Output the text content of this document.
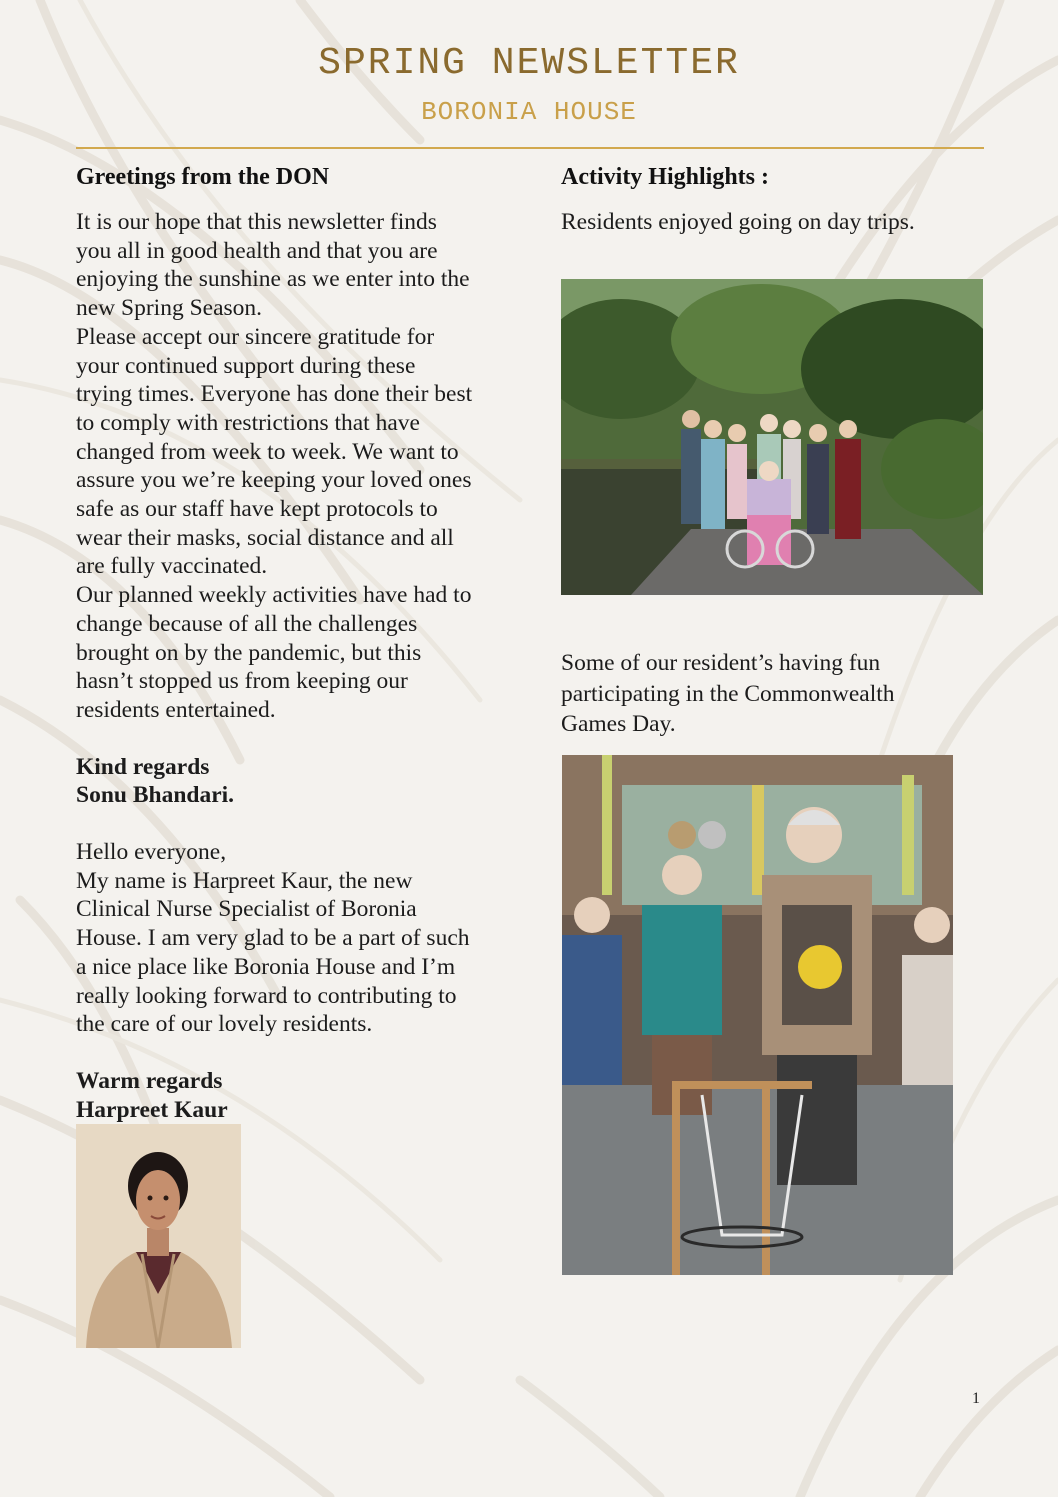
SPRING NEWSLETTER
BORONIA HOUSE
Greetings from the DON

It is our hope that this newsletter finds
you all in good health and that you are
enjoying the sunshine as we enter into the
new Spring Season.
Please accept our sincere gratitude for
your continued support during these
trying times. Everyone has done their best
to comply with restrictions that have
changed from week to week. We want to
assure you we’re keeping your loved ones
safe as our staff have kept protocols to
wear their masks, social distance and all
are fully vaccinated.
Our planned weekly activities have had to
change because of all the challenges
brought on by the pandemic, but this
hasn’t stopped us from keeping our
residents entertained.

Kind regards
Sonu Bhandari.

Hello everyone,
My name is Harpreet Kaur, the new
Clinical Nurse Specialist of Boronia
House. I am very glad to be a part of such
a nice place like Boronia House and I’m
really looking forward to contributing to
the care of our lovely residents.

Warm regards
Harpreet Kaur

Activity Highlights :

Residents enjoyed going on day trips.

Some of our resident’s having fun
participating in the Commonwealth
Games Day.

1
